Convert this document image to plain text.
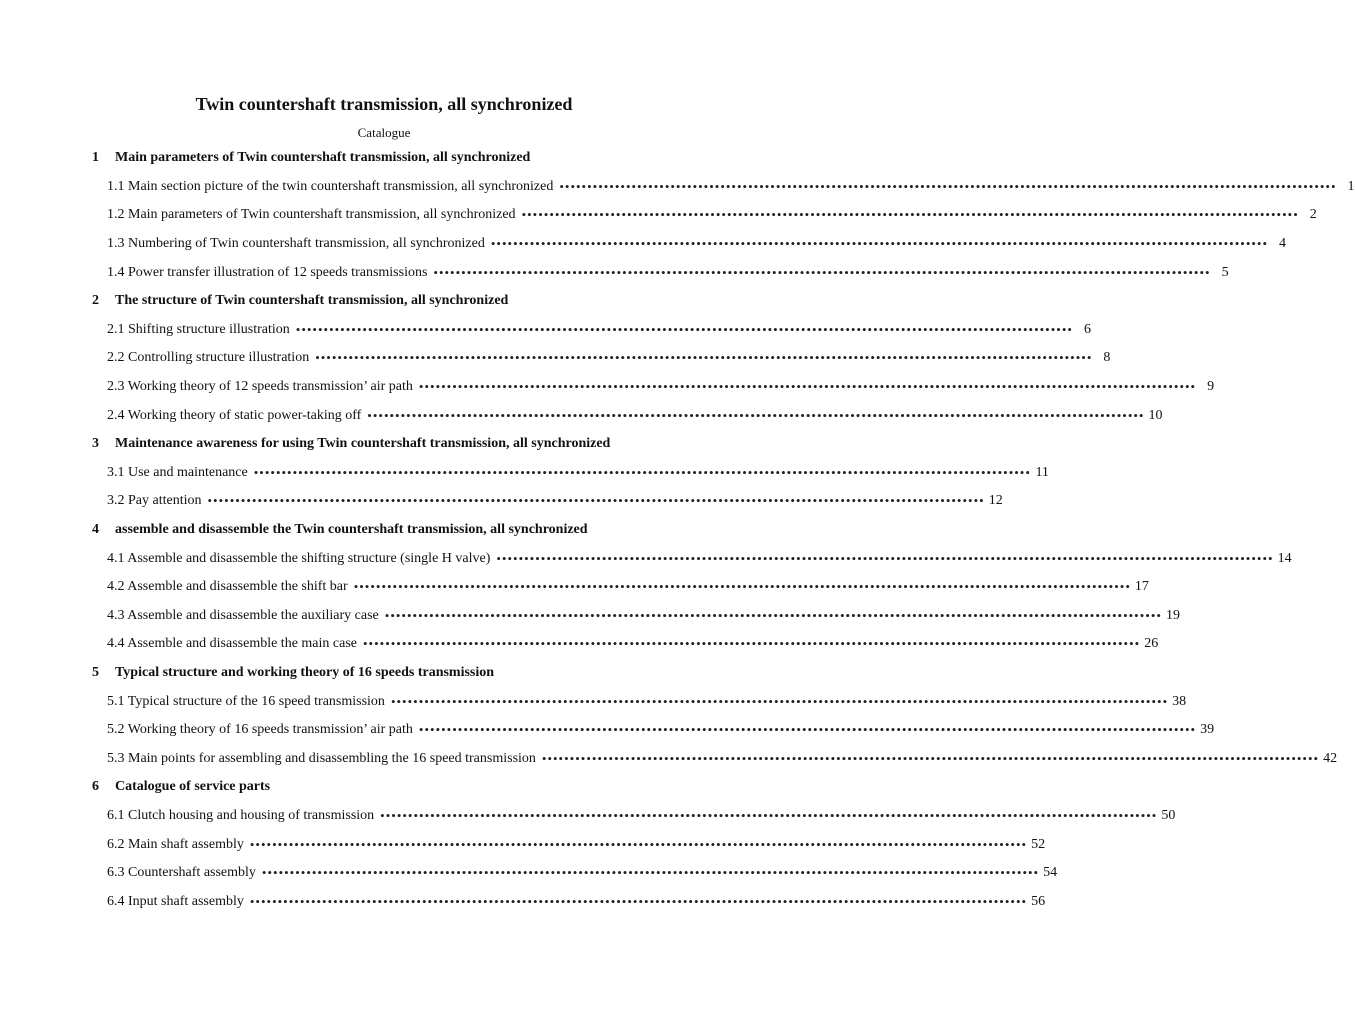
Twin countershaft transmission, all synchronized

Catalogue

1	Main parameters of Twin countershaft transmission, all synchronized
1.1 Main section picture of the twin countershaft transmission, all synchronized •••••••••••••••••••••••••••••••••••••••••••••••••••••••••••••••••••••••••••••••••••••••••••••••••••••••••••••••••••••••••••••••••••••••••••• 1
1.2 Main parameters of Twin countershaft transmission, all synchronized •••••••••••••••••••••••••••••••••••••••••••••••••••••••••••••••••••••••••••••••••••••••••••••••••••••••••••••••••••••••••••••••••••••••••••• 2
1.3 Numbering of Twin countershaft transmission, all synchronized •••••••••••••••••••••••••••••••••••••••••••••••••••••••••••••••••••••••••••••••••••••••••••••••••••••••••••••••••••••••••••••••••••••••••••• 4
1.4 Power transfer illustration of 12 speeds transmissions •••••••••••••••••••••••••••••••••••••••••••••••••••••••••••••••••••••••••••••••••••••••••••••••••••••••••••••••••••••••••••••••••••••••••••• 5
2	The structure of Twin countershaft transmission, all synchronized
2.1 Shifting structure illustration •••••••••••••••••••••••••••••••••••••••••••••••••••••••••••••••••••••••••••••••••••••••••••••••••••••••••••••••••••••••••••••••••••••••••••• 6
2.2 Controlling structure illustration •••••••••••••••••••••••••••••••••••••••••••••••••••••••••••••••••••••••••••••••••••••••••••••••••••••••••••••••••••••••••••••••••••••••••••• 8
2.3 Working theory of 12 speeds transmission’ air path •••••••••••••••••••••••••••••••••••••••••••••••••••••••••••••••••••••••••••••••••••••••••••••••••••••••••••••••••••••••••••••••••••••••••••• 9
2.4 Working theory of static power-taking off •••••••••••••••••••••••••••••••••••••••••••••••••••••••••••••••••••••••••••••••••••••••••••••••••••••••••••••••••••••••••••••••••••••••••••• 10
3	Maintenance awareness for using Twin countershaft transmission, all synchronized
3.1 Use and maintenance •••••••••••••••••••••••••••••••••••••••••••••••••••••••••••••••••••••••••••••••••••••••••••••••••••••••••••••••••••••••••••••••••••••••••••• 11
3.2 Pay attention •••••••••••••••••••••••••••••••••••••••••••••••••••••••••••••••••••••••••••••••••••••••••••••••••••••••••••••••••••••••••••••••••••••••••••• 12
4	assemble and disassemble the Twin countershaft transmission, all synchronized
4.1 Assemble and disassemble the shifting structure (single H valve) •••••••••••••••••••••••••••••••••••••••••••••••••••••••••••••••••••••••••••••••••••••••••••••••••••••••••••••••••••••••••••••••••••••••••••• 14
4.2 Assemble and disassemble the shift bar •••••••••••••••••••••••••••••••••••••••••••••••••••••••••••••••••••••••••••••••••••••••••••••••••••••••••••••••••••••••••••••••••••••••••••• 17
4.3 Assemble and disassemble the auxiliary case •••••••••••••••••••••••••••••••••••••••••••••••••••••••••••••••••••••••••••••••••••••••••••••••••••••••••••••••••••••••••••••••••••••••••••• 19
4.4 Assemble and disassemble the main case •••••••••••••••••••••••••••••••••••••••••••••••••••••••••••••••••••••••••••••••••••••••••••••••••••••••••••••••••••••••••••••••••••••••••••• 26
5	Typical structure and working theory of 16 speeds transmission
5.1 Typical structure of the 16 speed transmission •••••••••••••••••••••••••••••••••••••••••••••••••••••••••••••••••••••••••••••••••••••••••••••••••••••••••••••••••••••••••••••••••••••••••••• 38
5.2 Working theory of 16 speeds transmission’ air path •••••••••••••••••••••••••••••••••••••••••••••••••••••••••••••••••••••••••••••••••••••••••••••••••••••••••••••••••••••••••••••••••••••••••••• 39
5.3 Main points for assembling and disassembling the 16 speed transmission •••••••••••••••••••••••••••••••••••••••••••••••••••••••••••••••••••••••••••••••••••••••••••••••••••••••••••••••••••••••••••••••••••••••••••• 42
6	Catalogue of service parts
6.1 Clutch housing and housing of transmission •••••••••••••••••••••••••••••••••••••••••••••••••••••••••••••••••••••••••••••••••••••••••••••••••••••••••••••••••••••••••••••••••••••••••••• 50
6.2 Main shaft assembly •••••••••••••••••••••••••••••••••••••••••••••••••••••••••••••••••••••••••••••••••••••••••••••••••••••••••••••••••••••••••••••••••••••••••••• 52
6.3 Countershaft assembly •••••••••••••••••••••••••••••••••••••••••••••••••••••••••••••••••••••••••••••••••••••••••••••••••••••••••••••••••••••••••••••••••••••••••••• 54
6.4 Input shaft assembly •••••••••••••••••••••••••••••••••••••••••••••••••••••••••••••••••••••••••••••••••••••••••••••••••••••••••••••••••••••••••••••••••••••••••••• 56
